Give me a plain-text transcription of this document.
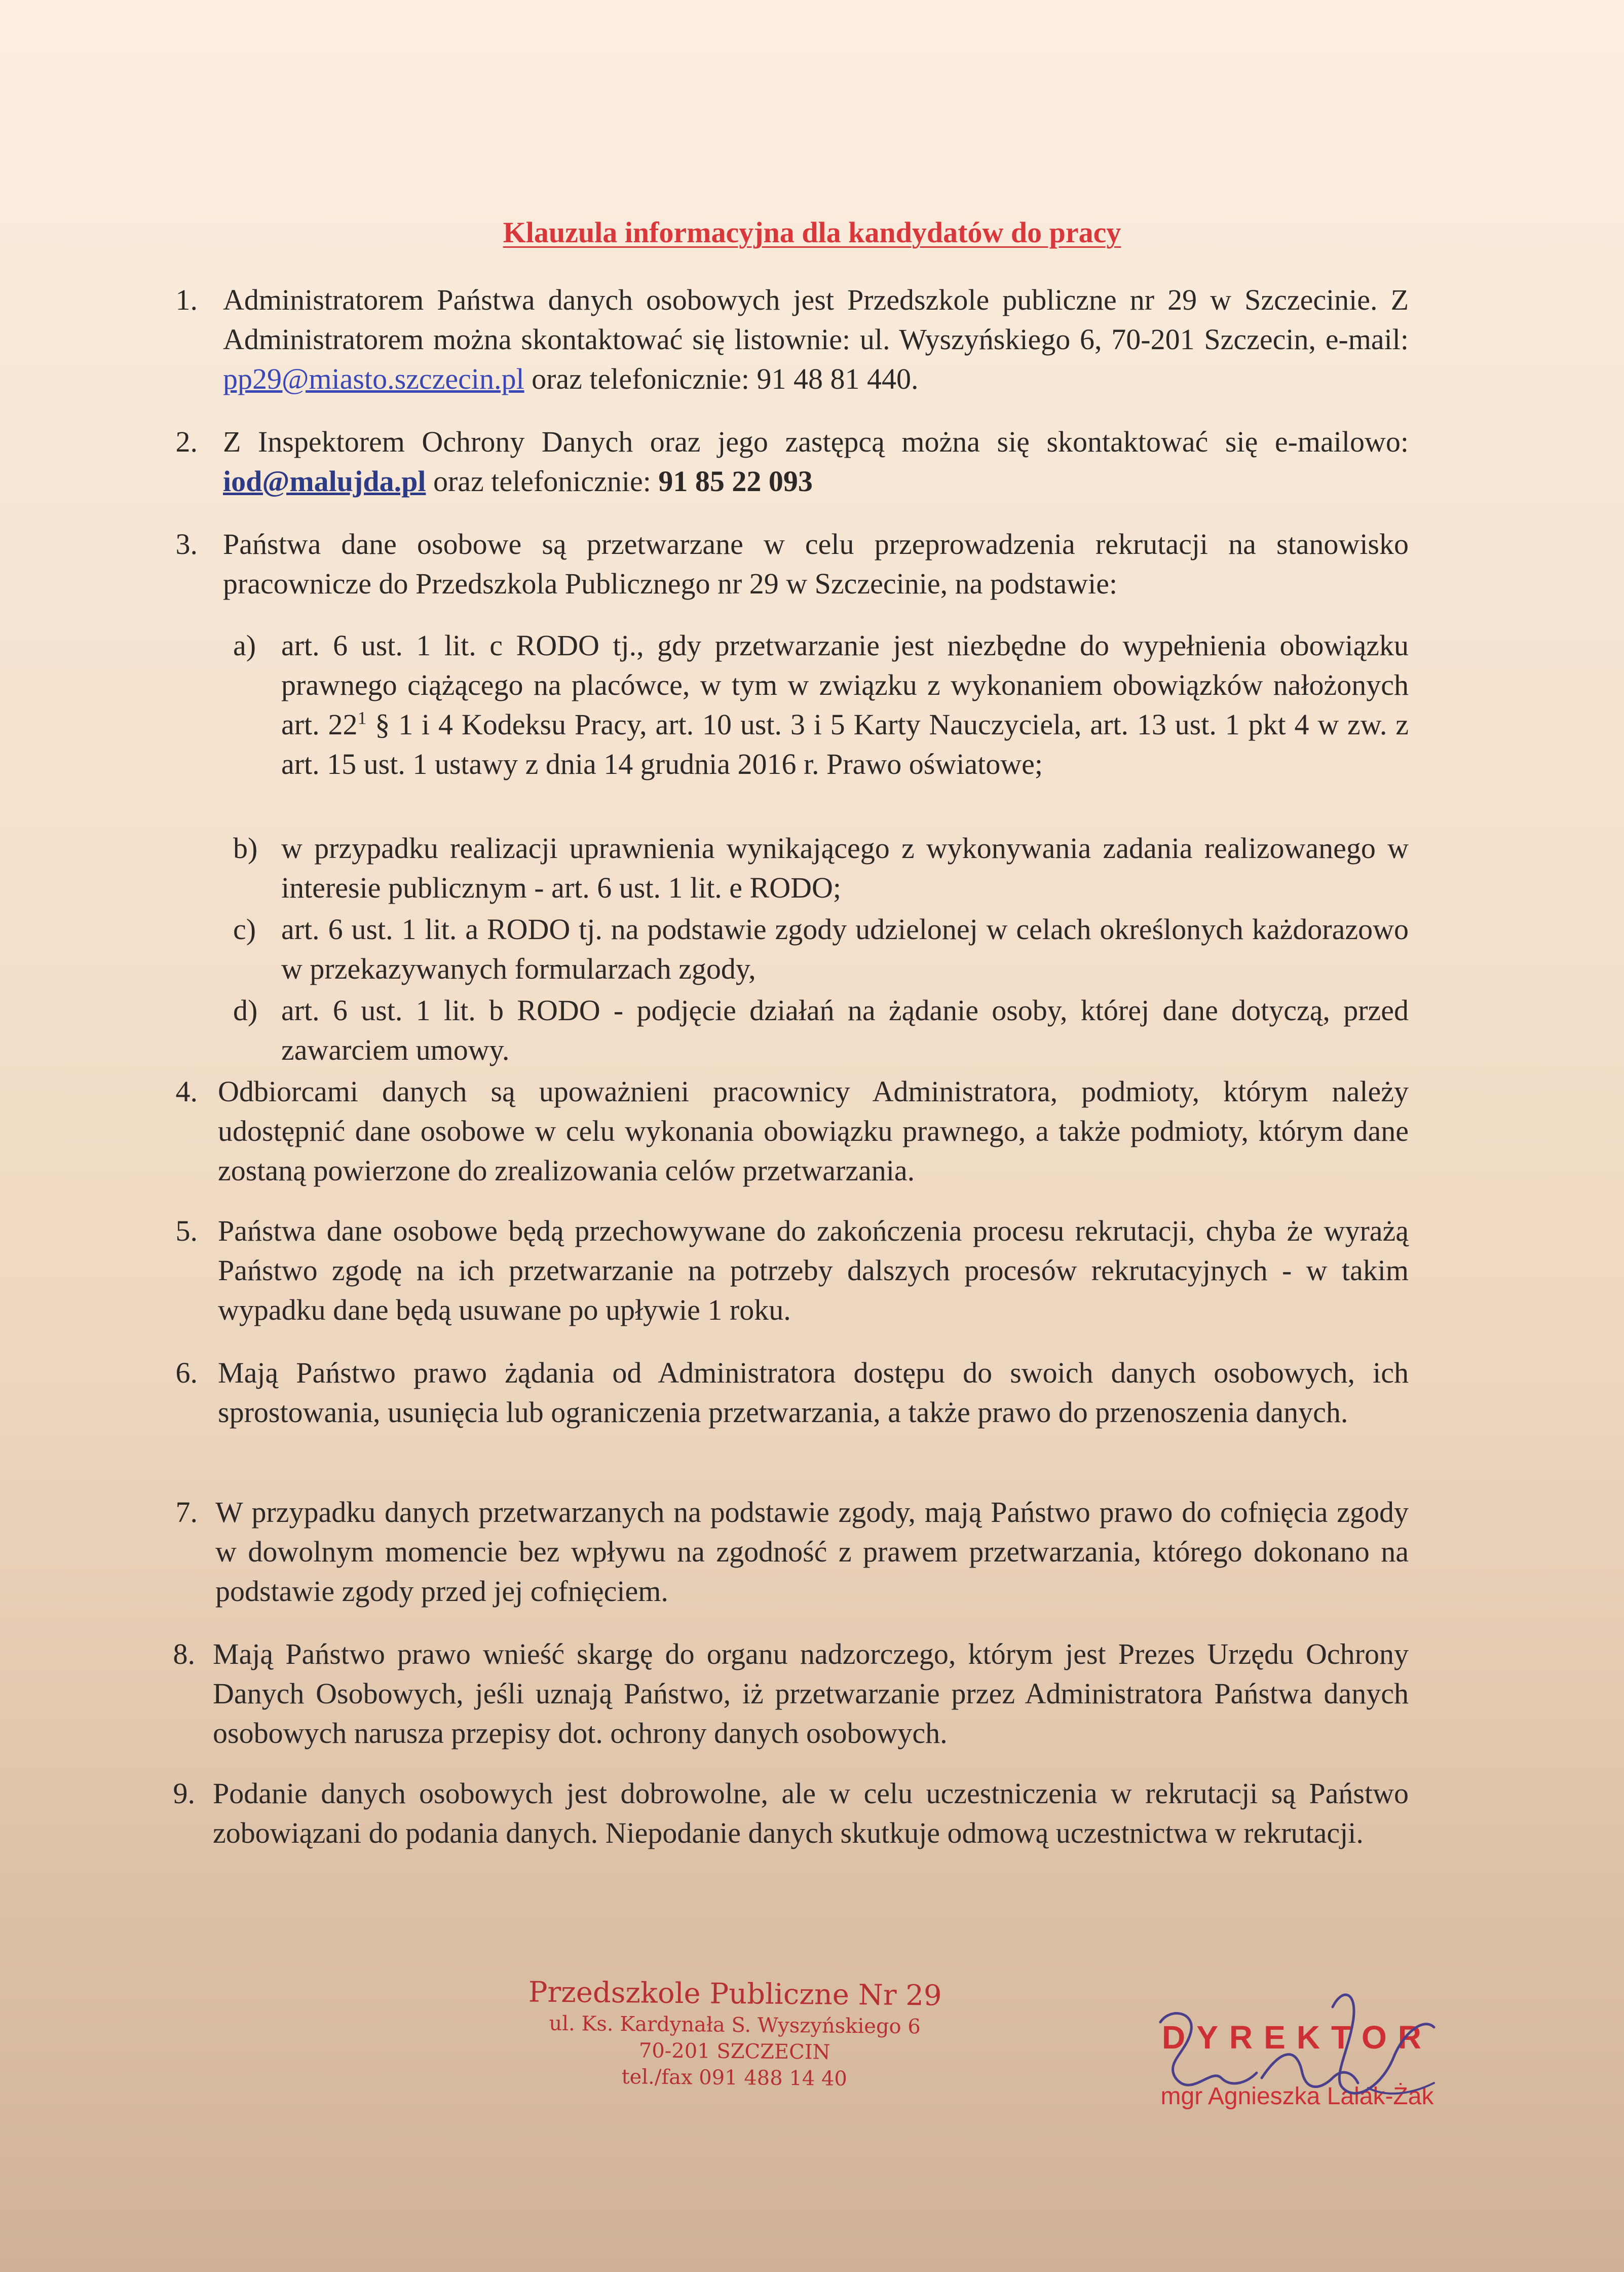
Klauzula informacyjna dla kandydatów do pracy
1. Administratorem Państwa danych osobowych jest Przedszkole publiczne nr 29 w Szczecinie. Z Administratorem można skontaktować się listownie: ul. Wyszyńskiego 6, 70-201 Szczecin, e-mail: pp29@miasto.szczecin.pl oraz telefonicznie: 91 48 81 440.
2. Z Inspektorem Ochrony Danych oraz jego zastępcą można się skontaktować się e-mailowo: iod@malujda.pl oraz telefonicznie: 91 85 22 093
3. Państwa dane osobowe są przetwarzane w celu przeprowadzenia rekrutacji na stanowisko pracownicze do Przedszkola Publicznego nr 29 w Szczecinie, na podstawie:
a) art. 6 ust. 1 lit. c RODO tj., gdy przetwarzanie jest niezbędne do wypełnienia obowiązku prawnego ciążącego na placówce, w tym w związku z wykonaniem obowiązków nałożonych art. $22^1$ § 1 i 4 Kodeksu Pracy, art. 10 ust. 3 i 5 Karty Nauczyciela, art. 13 ust. 1 pkt 4 w zw. z art. 15 ust. 1 ustawy z dnia 14 grudnia 2016 r. Prawo oświatowe;
b) w przypadku realizacji uprawnienia wynikającego z wykonywania zadania realizowanego w interesie publicznym - art. 6 ust. 1 lit. e RODO;
c) art. 6 ust. 1 lit. a RODO tj. na podstawie zgody udzielonej w celach określonych każdorazowo w przekazywanych formularzach zgody,
d) art. 6 ust. 1 lit. b RODO - podjęcie działań na żądanie osoby, której dane dotyczą, przed zawarciem umowy.
4. Odbiorcami danych są upoważnieni pracownicy Administratora, podmioty, którym należy udostępnić dane osobowe w celu wykonania obowiązku prawnego, a także podmioty, którym dane zostaną powierzone do zrealizowania celów przetwarzania.
5. Państwa dane osobowe będą przechowywane do zakończenia procesu rekrutacji, chyba że wyrażą Państwo zgodę na ich przetwarzanie na potrzeby dalszych procesów rekrutacyjnych - w takim wypadku dane będą usuwane po upływie 1 roku.
6. Mają Państwo prawo żądania od Administratora dostępu do swoich danych osobowych, ich sprostowania, usunięcia lub ograniczenia przetwarzania, a także prawo do przenoszenia danych.
7. W przypadku danych przetwarzanych na podstawie zgody, mają Państwo prawo do cofnięcia zgody w dowolnym momencie bez wpływu na zgodność z prawem przetwarzania, którego dokonano na podstawie zgody przed jej cofnięciem.
8. Mają Państwo prawo wnieść skargę do organu nadzorczego, którym jest Prezes Urzędu Ochrony Danych Osobowych, jeśli uznają Państwo, iż przetwarzanie przez Administratora Państwa danych osobowych narusza przepisy dot. ochrony danych osobowych.
9. Podanie danych osobowych jest dobrowolne, ale w celu uczestniczenia w rekrutacji są Państwo zobowiązani do podania danych. Niepodanie danych skutkuje odmową uczestnictwa w rekrutacji.
Przedszkole Publiczne Nr 29
ul. Ks. Kardynała S. Wyszyńskiego 6
70-201 SZCZECIN
tel./fax 091 488 14 40
DYREKTOR
mgr Agnieszka Lalak-Żak
